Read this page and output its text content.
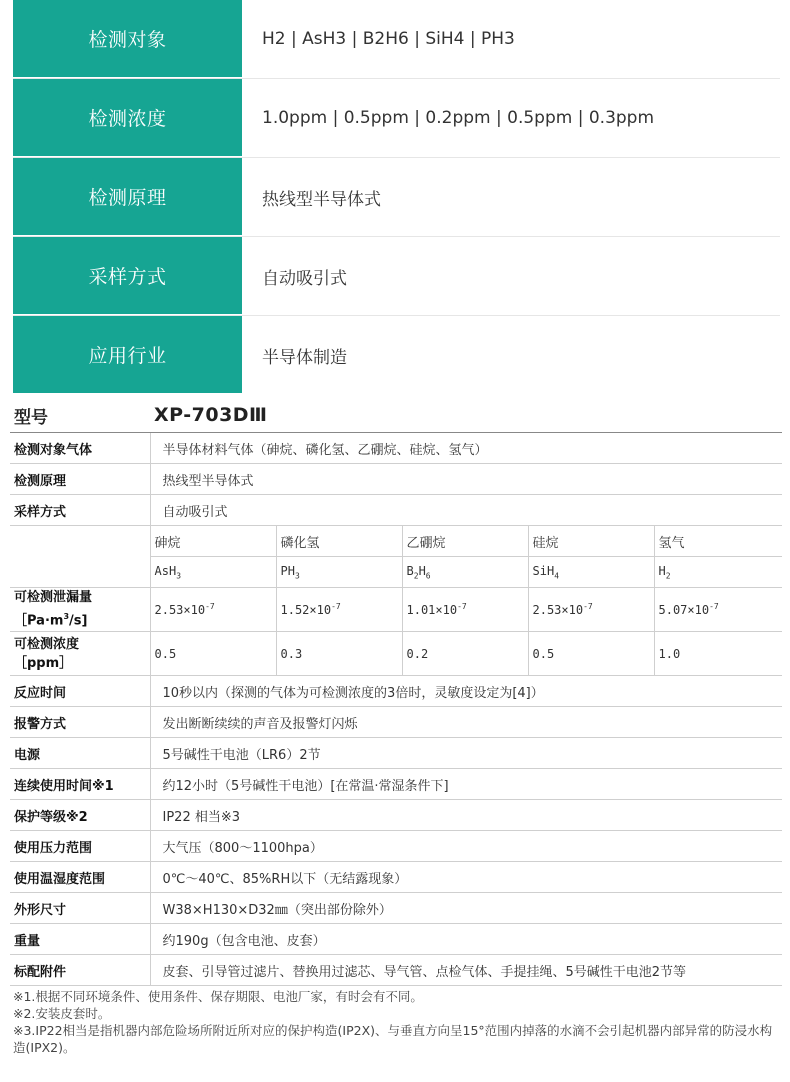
检测对象	H2 | AsH3 | B2H6 | SiH4 | PH3
检测浓度	1.0ppm | 0.5ppm | 0.2ppm | 0.5ppm | 0.3ppm
检测原理	热线型半导体式
采样方式	自动吸引式
应用行业	半导体制造
型号	XP-703DⅢ
检测对象气体	半导体材料气体（砷烷、磷化氢、乙硼烷、硅烷、氢气）				
检测原理	热线型半导体式				
采样方式	自动吸引式				
	砷烷	磷化氢	乙硼烷	硅烷	氢气
	AsH$_3$	$PH_3$	$B_2H_6$	SiH$_4$	$H_2$

可检测泄漏量
$[Pa\cdot m^3/s$]	$2.53\times 10^{-7}$	$1.52\times 10^{-7}$	$1.01\times 10^{-7}$	$2.53\times 10^{-7}$	$5.07\times 10^{-7}$

可检测浓度
［ppm］	0.5	0.3	0.2	0.5	1.0
反应时间	10秒以内（探测的气体为可检测浓度的3倍时，灵敏度设定为[4]）				
报警方式	发出断断续续的声音及报警灯闪烁				
电源	5号碱性干电池（LR6）2节				
连续使用时间※1	约12小时（5号碱性干电池）[在常温·常湿条件下]				
保护等级※2	IP22 相当※3				
使用压力范围	大气压（800～1100hpa）				
使用温湿度范围	0℃～40℃、85%RH以下（无结露现象）				
外形尺寸	W38×H130×D32㎜（突出部份除外）				
重量	约190g（包含电池、皮套）				
标配附件	皮套、引导管过滤片、替换用过滤芯、导气管、点检气体、手提挂绳、5号碱性干电池2节等				
※1.根据不同环境条件、使用条件、保存期限、电池厂家，有时会有不同。
※2.安装皮套时。
※3.IP22相当是指机器内部危险场所附近所对应的保护构造(IP2X)、与垂直方向呈15°范围内掉落的水滴不会引起机器内部异常的防浸水构造(IPX2)。
